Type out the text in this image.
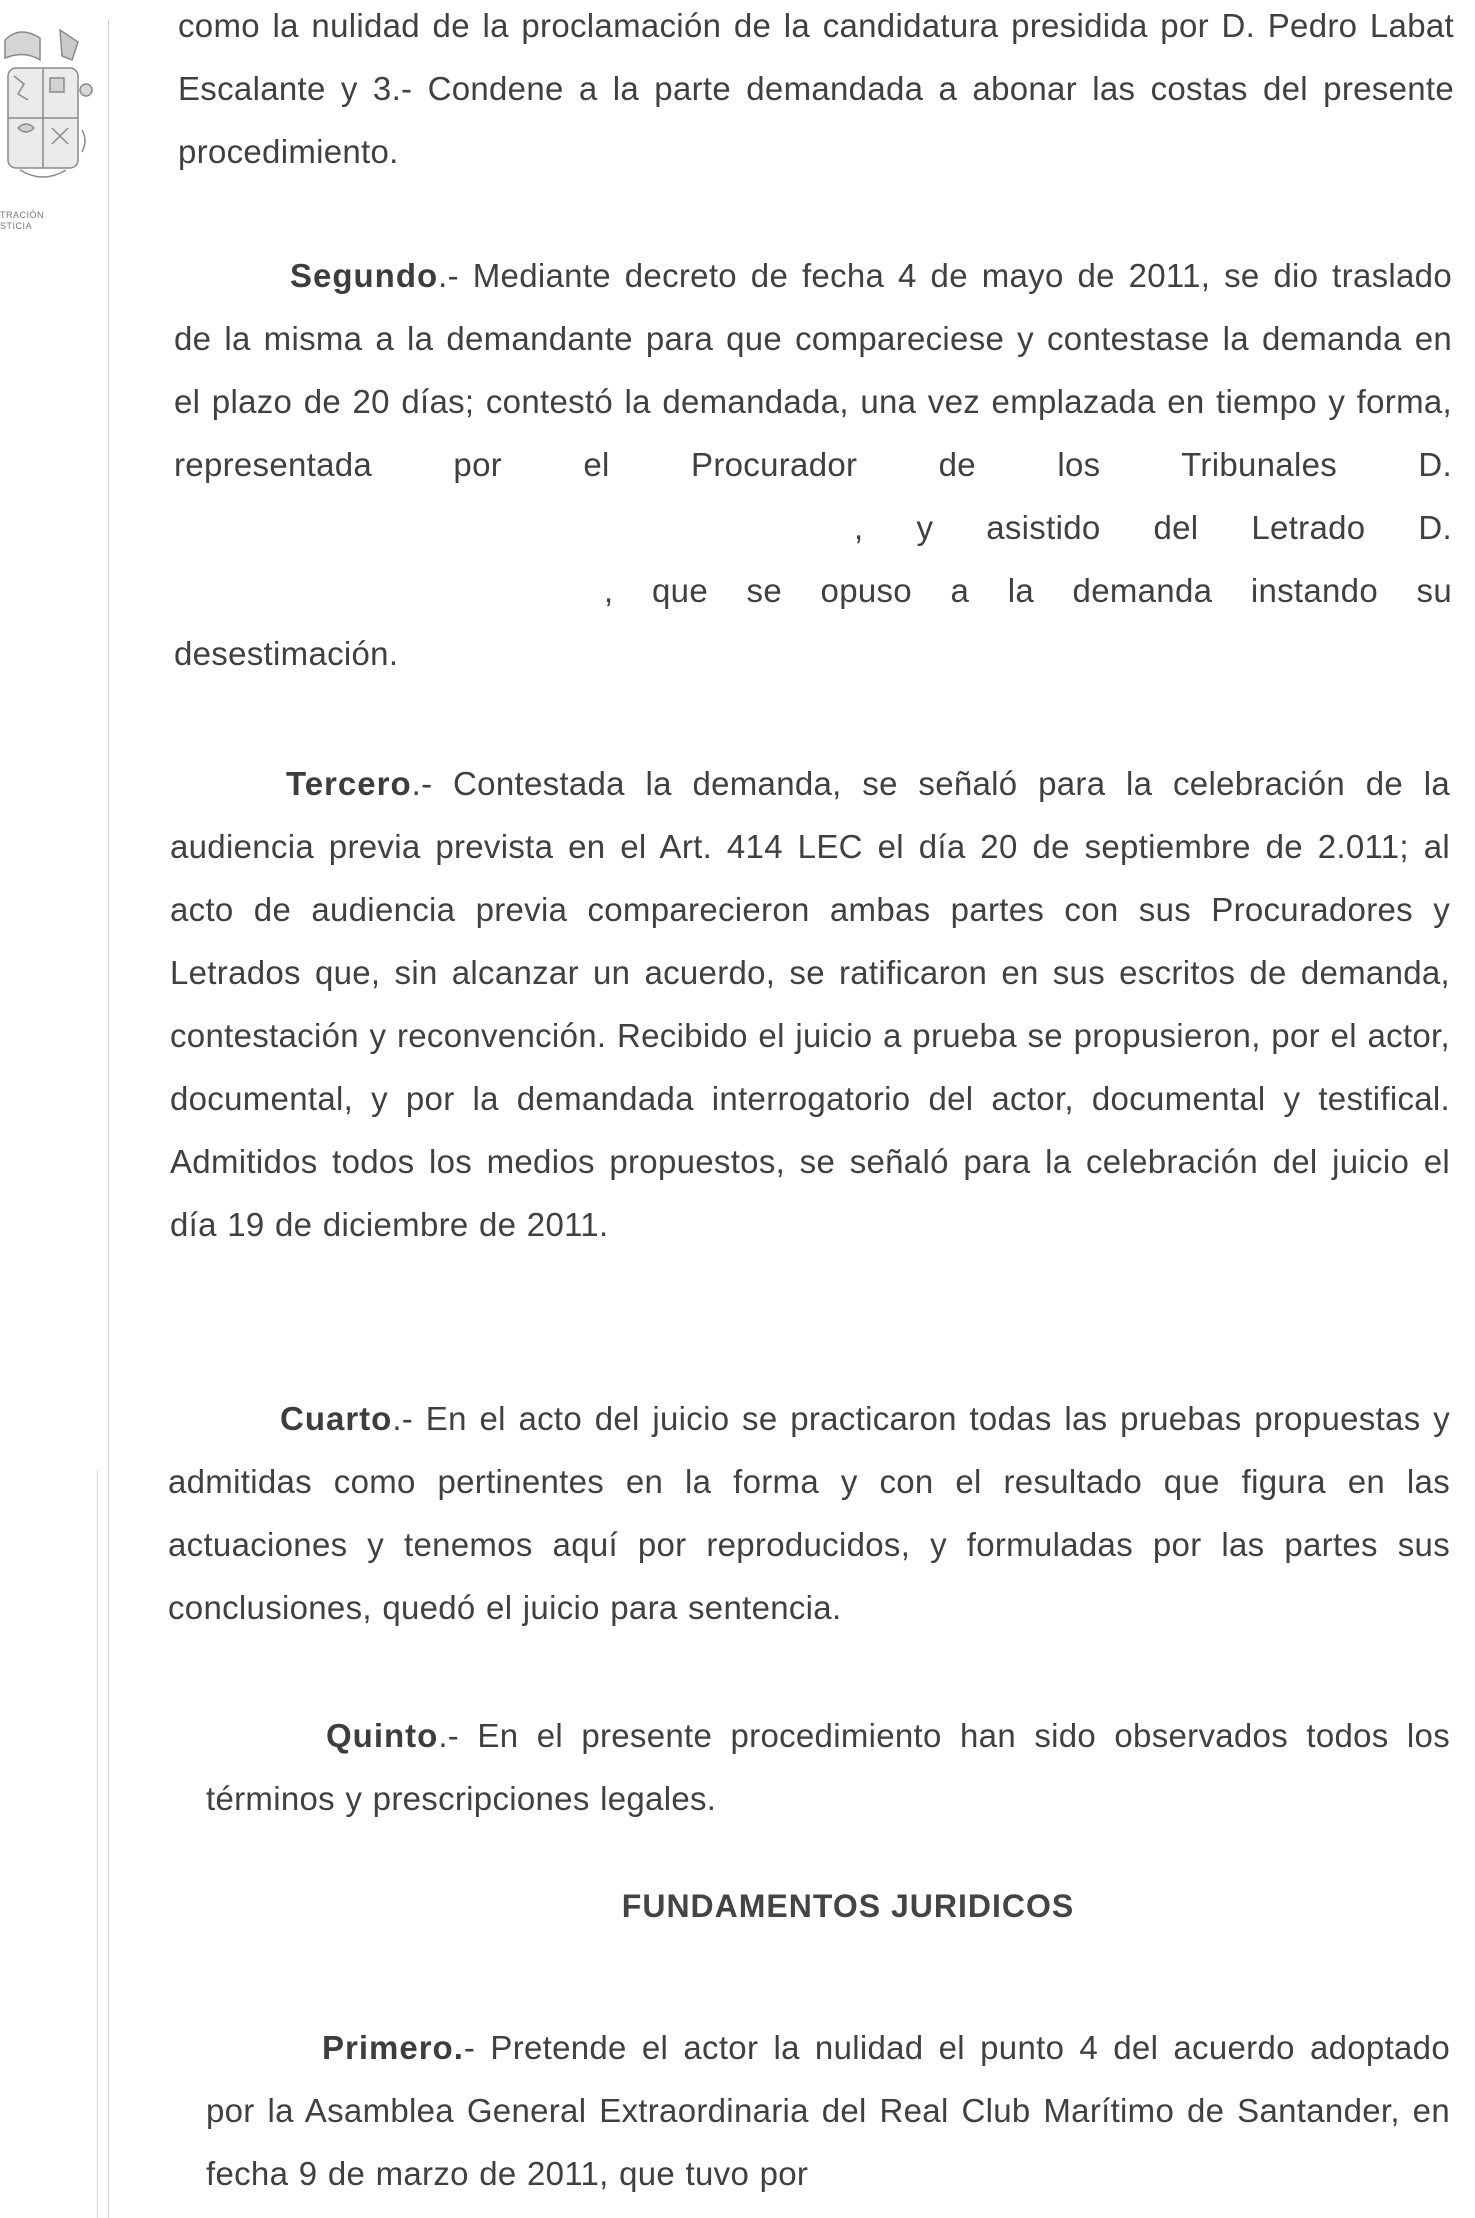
TRACIÓN
STICIA

como la nulidad de la proclamación de la candidatura presidida por D. Pedro Labat Escalante y 3.- Condene a la parte demandada a abonar las costas del presente procedimiento.

Segundo.- Mediante decreto de fecha 4 de mayo de 2011, se dio traslado de la misma a la demandante para que compareciese y contestase la demanda en el plazo de 20 días; contestó la demandada, una vez emplazada en tiempo y forma, representada por el Procurador de los Tribunales D. , y asistido del Letrado D. , que se opuso a la demanda instando su desestimación.

Tercero.- Contestada la demanda, se señaló para la celebración de la audiencia previa prevista en el Art. 414 LEC el día 20 de septiembre de 2.011; al acto de audiencia previa comparecieron ambas partes con sus Procuradores y Letrados que, sin alcanzar un acuerdo, se ratificaron en sus escritos de demanda, contestación y reconvención. Recibido el juicio a prueba se propusieron, por el actor, documental, y por la demandada interrogatorio del actor, documental y testifical. Admitidos todos los medios propuestos, se señaló para la celebración del juicio el día 19 de diciembre de 2011.

Cuarto.- En el acto del juicio se practicaron todas las pruebas propuestas y admitidas como pertinentes en la forma y con el resultado que figura en las actuaciones y tenemos aquí por reproducidos, y formuladas por las partes sus conclusiones, quedó el juicio para sentencia.

Quinto.- En el presente procedimiento han sido observados todos los términos y prescripciones legales.

FUNDAMENTOS JURIDICOS

Primero.- Pretende el actor la nulidad el punto 4 del acuerdo adoptado por la Asamblea General Extraordinaria del Real Club Marítimo de Santander, en fecha 9 de marzo de 2011, que tuvo por
